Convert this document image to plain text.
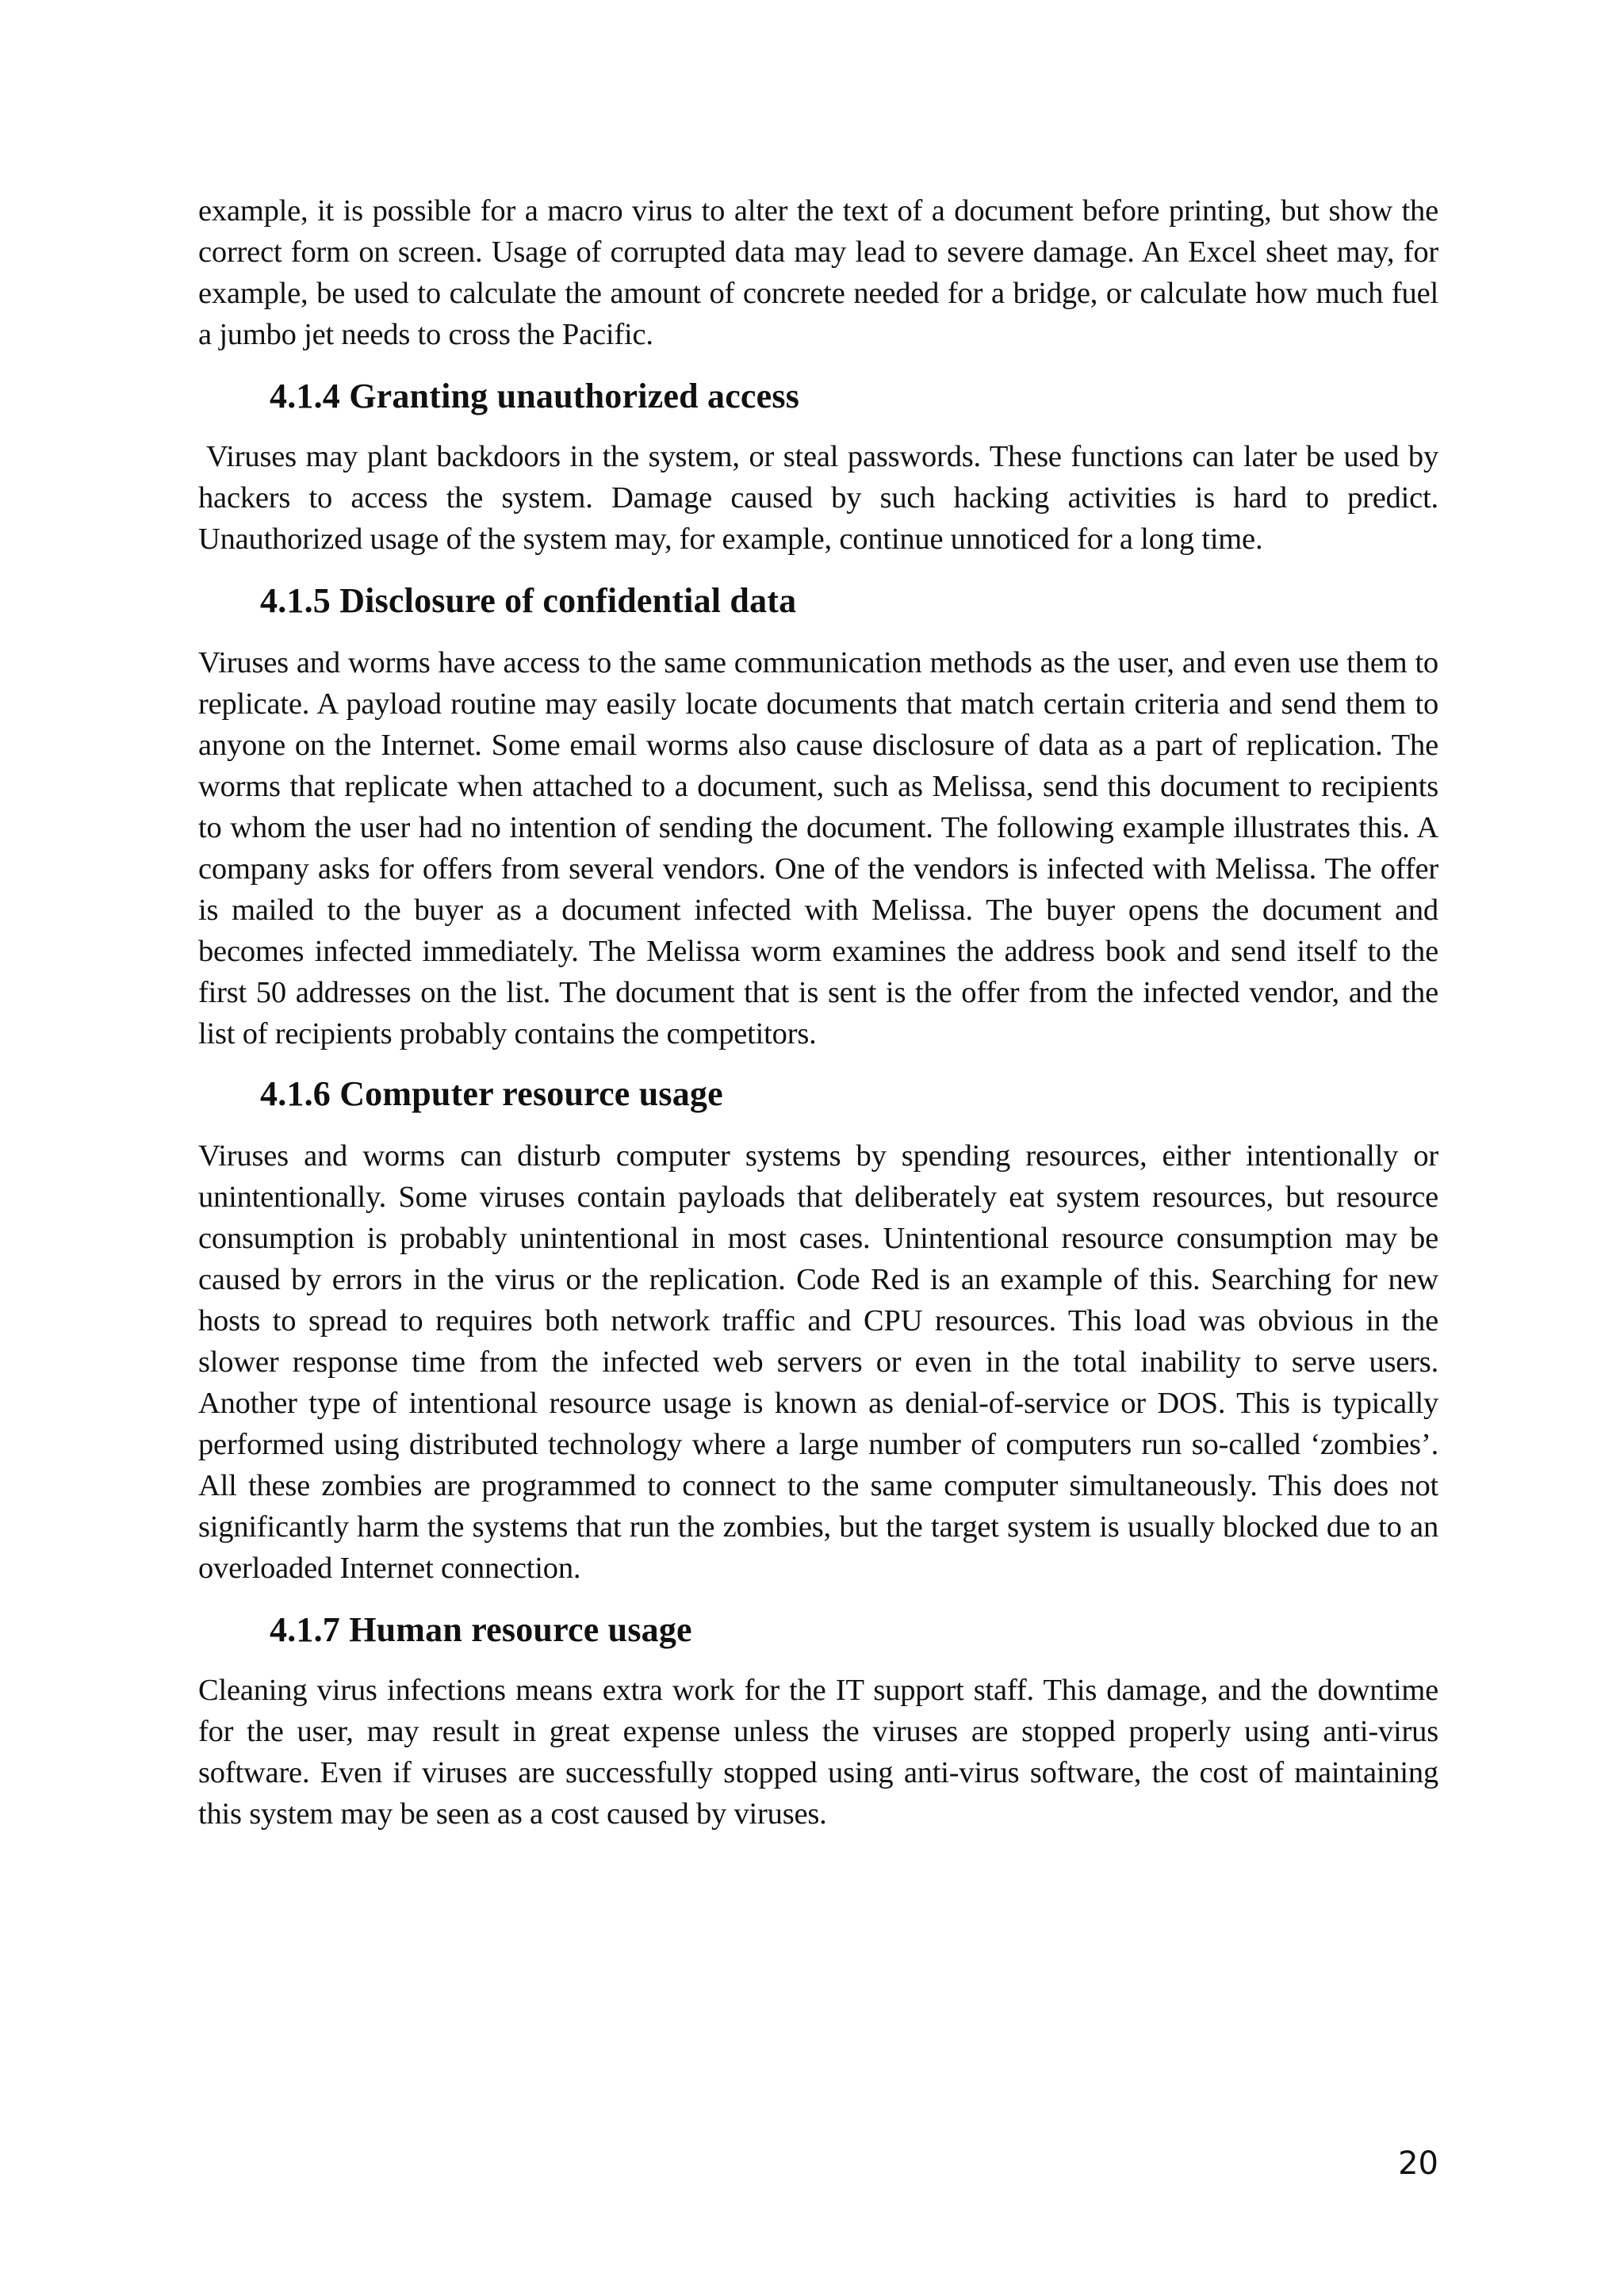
example, it is possible for a macro virus to alter the text of a document before printing, but show the correct form on screen. Usage of corrupted data may lead to severe damage. An Excel sheet may, for example, be used to calculate the amount of concrete needed for a bridge, or calculate how much fuel a jumbo jet needs to cross the Pacific.

4.1.4 Granting unauthorized access

Viruses may plant backdoors in the system, or steal passwords. These functions can later be used by hackers to access the system. Damage caused by such hacking activities is hard to predict. Unauthorized usage of the system may, for example, continue unnoticed for a long time.

4.1.5 Disclosure of confidential data

Viruses and worms have access to the same communication methods as the user, and even use them to replicate. A payload routine may easily locate documents that match certain criteria and send them to anyone on the Internet. Some email worms also cause disclosure of data as a part of replication. The worms that replicate when attached to a document, such as Melissa, send this document to recipients to whom the user had no intention of sending the document. The following example illustrates this. A company asks for offers from several vendors. One of the vendors is infected with Melissa. The offer is mailed to the buyer as a document infected with Melissa. The buyer opens the document and becomes infected immediately. The Melissa worm examines the address book and send itself to the first 50 addresses on the list. The document that is sent is the offer from the infected vendor, and the list of recipients probably contains the competitors.

4.1.6 Computer resource usage

Viruses and worms can disturb computer systems by spending resources, either intentionally or unintentionally. Some viruses contain payloads that deliberately eat system resources, but resource consumption is probably unintentional in most cases. Unintentional resource consumption may be caused by errors in the virus or the replication. Code Red is an example of this. Searching for new hosts to spread to requires both network traffic and CPU resources. This load was obvious in the slower response time from the infected web servers or even in the total inability to serve users. Another type of intentional resource usage is known as denial-of-service or DOS. This is typically performed using distributed technology where a large number of computers run so-called ‘zombies’. All these zombies are programmed to connect to the same computer simultaneously. This does not significantly harm the systems that run the zombies, but the target system is usually blocked due to an overloaded Internet connection.

4.1.7 Human resource usage

Cleaning virus infections means extra work for the IT support staff. This damage, and the downtime for the user, may result in great expense unless the viruses are stopped properly using anti-virus software. Even if viruses are successfully stopped using anti-virus software, the cost of maintaining this system may be seen as a cost caused by viruses.

20
